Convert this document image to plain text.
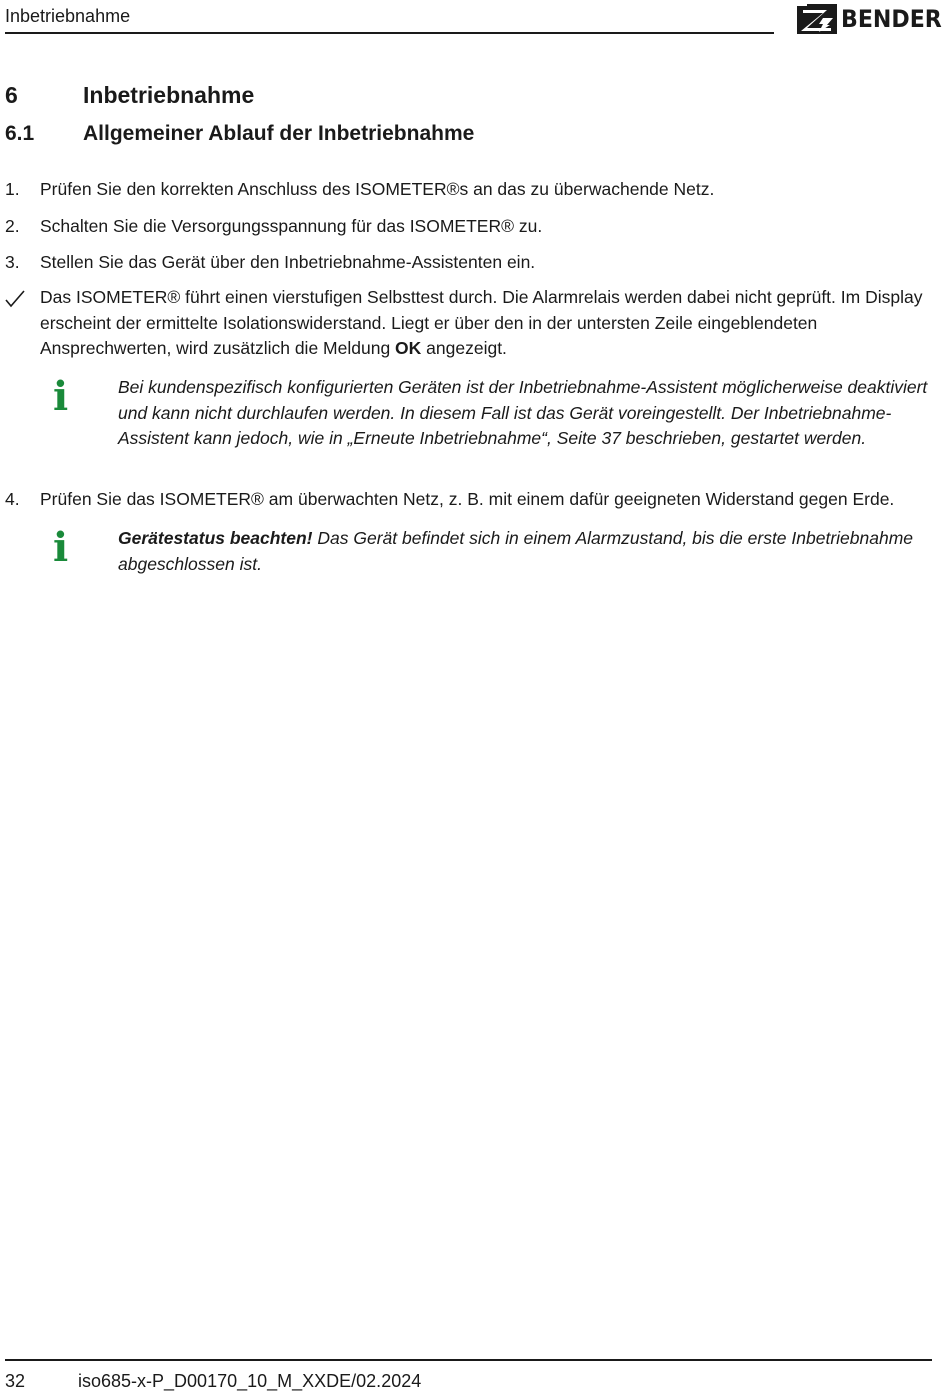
Inbetriebnahme	BENDER
6	Inbetriebnahme
6.1 Allgemeiner Ablauf der Inbetriebnahme
1.	Prüfen Sie den korrekten Anschluss des ISOMETER®s an das zu überwachende Netz.
2.	Schalten Sie die Versorgungsspannung für das ISOMETER® zu.
3.	Stellen Sie das Gerät über den Inbetriebnahme-Assistenten ein.
Das ISOMETER® führt einen vierstufigen Selbsttest durch. Die Alarmrelais werden dabei nicht geprüft. Im Display erscheint der ermittelte Isolationswiderstand. Liegt er über den in der untersten Zeile eingeblendeten Ansprechwerten, wird zusätzlich die Meldung OK angezeigt.
i	Bei kundenspezifisch konfigurierten Geräten ist der Inbetriebnahme-Assistent möglicherweise deaktiviert und kann nicht durchlaufen werden. In diesem Fall ist das Gerät voreingestellt. Der Inbetriebnahme-Assistent kann jedoch, wie in „Erneute Inbetriebnahme“, Seite 37 beschrieben, gestartet werden.
4.	Prüfen Sie das ISOMETER® am überwachten Netz, z. B. mit einem dafür geeigneten Widerstand gegen Erde.
i	Gerätestatus beachten! Das Gerät befindet sich in einem Alarmzustand, bis die erste Inbetriebnahme abgeschlossen ist.
32	iso685-x-P_D00170_10_M_XXDE/02.2024
